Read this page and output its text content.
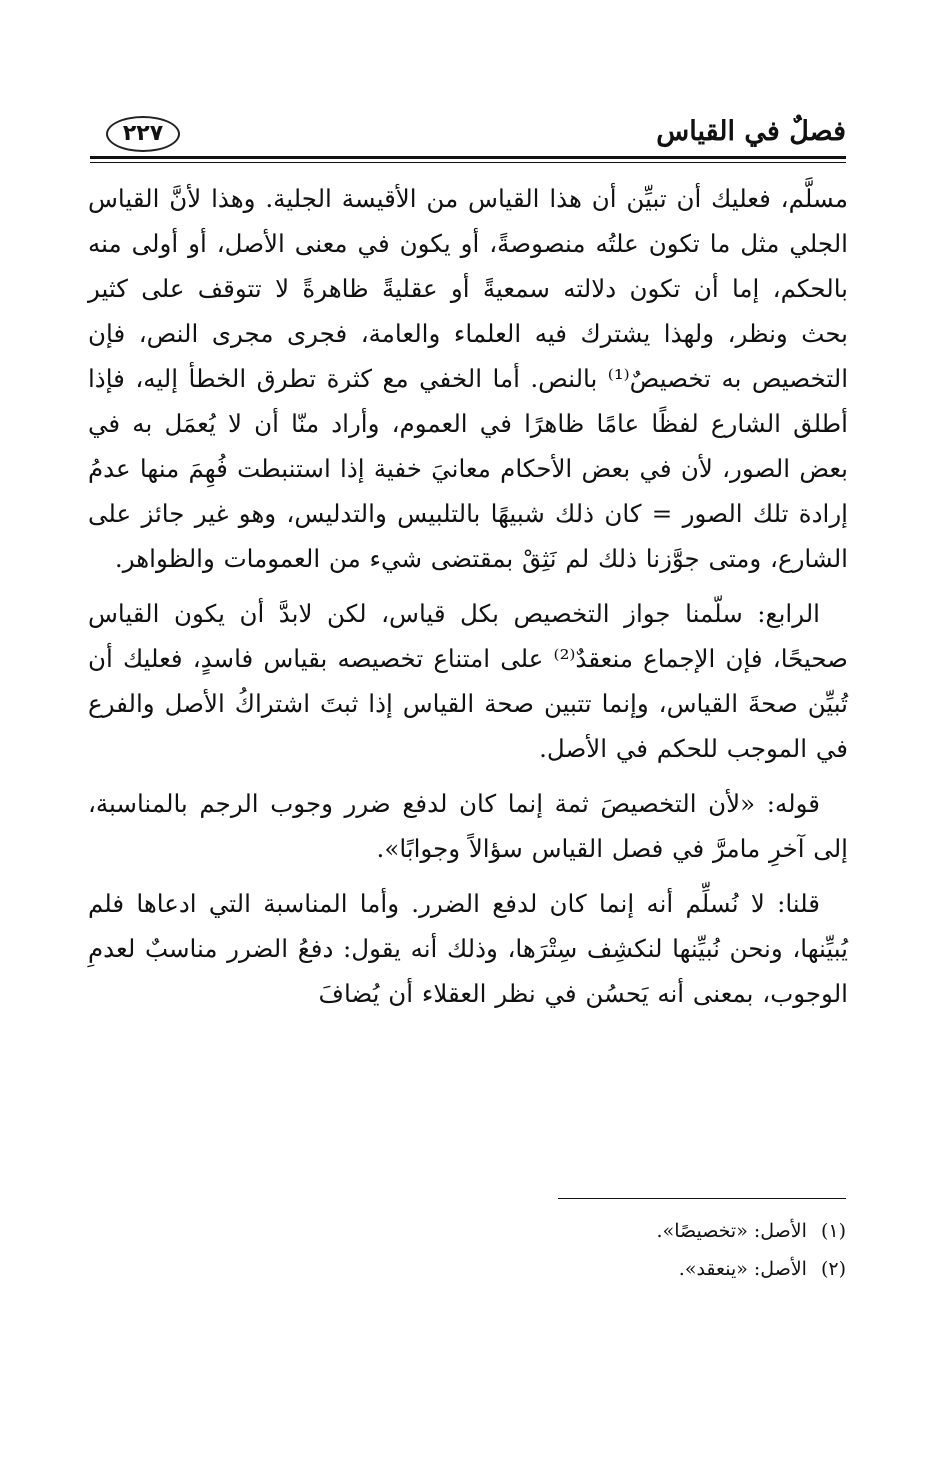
فصلٌ في القياس
٢٢٧

مسلَّم، فعليك أن تبيِّن أن هذا القياس من الأقيسة الجلية. وهذا لأنَّ القياس الجلي مثل ما تكون علتُه منصوصةً، أو يكون في معنى الأصل، أو أولى منه بالحكم، إما أن تكون دلالته سمعيةً أو عقليةً ظاهرةً لا تتوقف على كثير بحث ونظر، ولهذا يشترك فيه العلماء والعامة، فجرى مجرى النص، فإن التخصيص به تخصيصٌ⁽¹⁾ بالنص. أما الخفي مع كثرة تطرق الخطأ إليه، فإذا أطلق الشارع لفظًا عامًا ظاهرًا في العموم، وأراد منّا أن لا يُعمَل به في بعض الصور، لأن في بعض الأحكام معانيَ خفية إذا استنبطت فُهِمَ منها عدمُ إرادة تلك الصور = كان ذلك شبيهًا بالتلبيس والتدليس، وهو غير جائز على الشارع، ومتى جوَّزنا ذلك لم نَثِقْ بمقتضى شيء من العمومات والظواهر.

الرابع: سلّمنا جواز التخصيص بكل قياس، لكن لابدَّ أن يكون القياس صحيحًا، فإن الإجماع منعقدٌ⁽²⁾ على امتناع تخصيصه بقياس فاسدٍ، فعليك أن تُبيِّن صحةَ القياس، وإنما تتبين صحة القياس إذا ثبتَ اشتراكُ الأصل والفرع في الموجب للحكم في الأصل.

قوله: «لأن التخصيصَ ثمة إنما كان لدفع ضرر وجوب الرجم بالمناسبة، إلى آخرِ مامرَّ في فصل القياس سؤالاً وجوابًا».

قلنا: لا نُسلِّم أنه إنما كان لدفع الضرر. وأما المناسبة التي ادعاها فلم يُبيِّنها، ونحن نُبيِّنها لنكشِف سِتْرَها، وذلك أنه يقول: دفعُ الضرر مناسبٌ لعدمِ الوجوب، بمعنى أنه يَحسُن في نظر العقلاء أن يُضافَ

(١)الأصل: «تخصيصًا».
(٢)الأصل: «ينعقد».
